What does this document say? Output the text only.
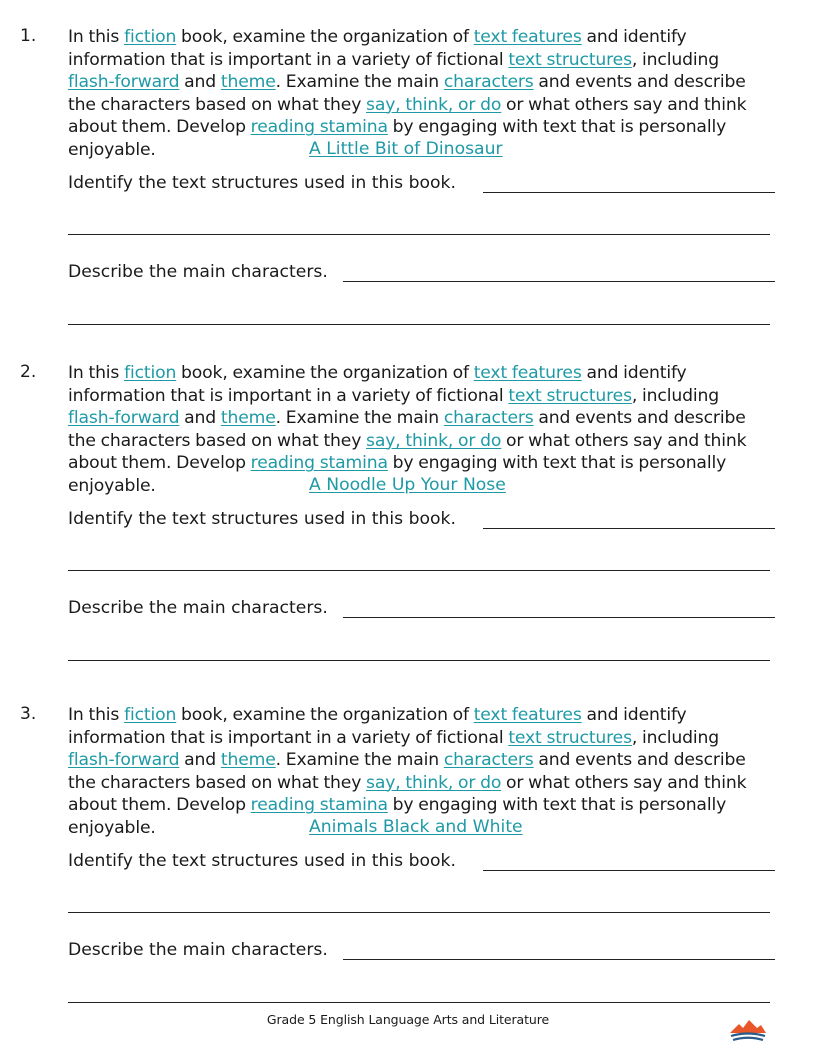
1. In this fiction book, examine the organization of text features and identify
information that is important in a variety of fictional text structures, including
flash-forward and theme. Examine the main characters and events and describe
the characters based on what they say, think, or do or what others say and think
about them. Develop reading stamina by engaging with text that is personally
enjoyable.	A Little Bit of Dinosaur
Identify the text structures used in this book.
Describe the main characters.
2. In this fiction book, examine the organization of text features and identify
information that is important in a variety of fictional text structures, including
flash-forward and theme. Examine the main characters and events and describe
the characters based on what they say, think, or do or what others say and think
about them. Develop reading stamina by engaging with text that is personally
enjoyable.	A Noodle Up Your Nose
Identify the text structures used in this book.
Describe the main characters.
3. In this fiction book, examine the organization of text features and identify
information that is important in a variety of fictional text structures, including
flash-forward and theme. Examine the main characters and events and describe
the characters based on what they say, think, or do or what others say and think
about them. Develop reading stamina by engaging with text that is personally
enjoyable.	Animals Black and White
Identify the text structures used in this book.
Describe the main characters.
Grade 5 English Language Arts and Literature
